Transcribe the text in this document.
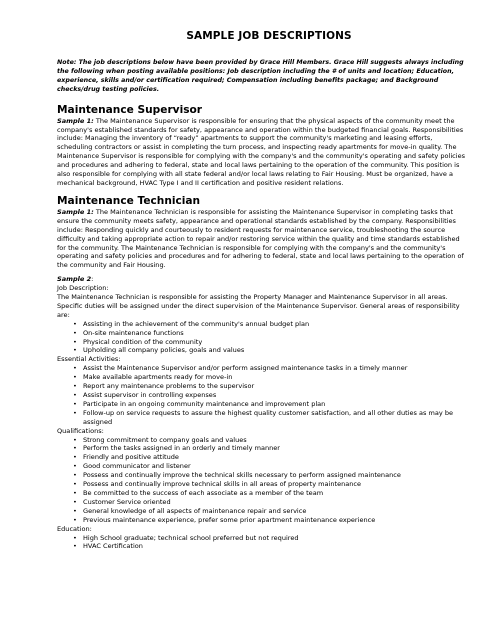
SAMPLE JOB DESCRIPTIONS

Note: The job descriptions below have been provided by Grace Hill Members. Grace Hill suggests always including the following when posting available positions: Job description including the # of units and location; Education, experience, skills and/or certification required; Compensation including benefits package; and Background checks/drug testing policies.

Maintenance Supervisor

Sample 1: The Maintenance Supervisor is responsible for ensuring that the physical aspects of the community meet the company's established standards for safety, appearance and operation within the budgeted financial goals. Responsibilities include: Managing the inventory of “ready” apartments to support the community's marketing and leasing efforts, scheduling contractors or assist in completing the turn process, and inspecting ready apartments for move-in quality. The Maintenance Supervisor is responsible for complying with the company's and the community's operating and safety policies and procedures and adhering to federal, state and local laws pertaining to the operation of the community. This position is also responsible for complying with all state federal and/or local laws relating to Fair Housing. Must be organized, have a mechanical background, HVAC Type I and II certification and positive resident relations.

Maintenance Technician

Sample 1: The Maintenance Technician is responsible for assisting the Maintenance Supervisor in completing tasks that ensure the community meets safety, appearance and operational standards established by the company. Responsibilities include: Responding quickly and courteously to resident requests for maintenance service, troubleshooting the source difficulty and taking appropriate action to repair and/or restoring service within the quality and time standards established for the community. The Maintenance Technician is responsible for complying with the company's and the community's operating and safety policies and procedures and for adhering to federal, state and local laws pertaining to the operation of the community and Fair Housing.

Sample 2:

Job Description:

The Maintenance Technician is responsible for assisting the Property Manager and Maintenance Supervisor in all areas. Specific duties will be assigned under the direct supervision of the Maintenance Supervisor. General areas of responsibility are:

• Assisting in the achievement of the community's annual budget plan
• On-site maintenance functions
• Physical condition of the community
• Upholding all company policies, goals and values

Essential Activities:

• Assist the Maintenance Supervisor and/or perform assigned maintenance tasks in a timely manner
• Make available apartments ready for move-in
• Report any maintenance problems to the supervisor
• Assist supervisor in controlling expenses
• Participate in an ongoing community maintenance and improvement plan
• Follow-up on service requests to assure the highest quality customer satisfaction, and all other duties as may be assigned

Qualifications:

• Strong commitment to company goals and values
• Perform the tasks assigned in an orderly and timely manner
• Friendly and positive attitude
• Good communicator and listener
• Possess and continually improve the technical skills necessary to perform assigned maintenance
• Possess and continually improve technical skills in all areas of property maintenance
• Be committed to the success of each associate as a member of the team
• Customer Service oriented
• General knowledge of all aspects of maintenance repair and service
• Previous maintenance experience, prefer some prior apartment maintenance experience

Education:

• High School graduate; technical school preferred but not required
• HVAC Certification
